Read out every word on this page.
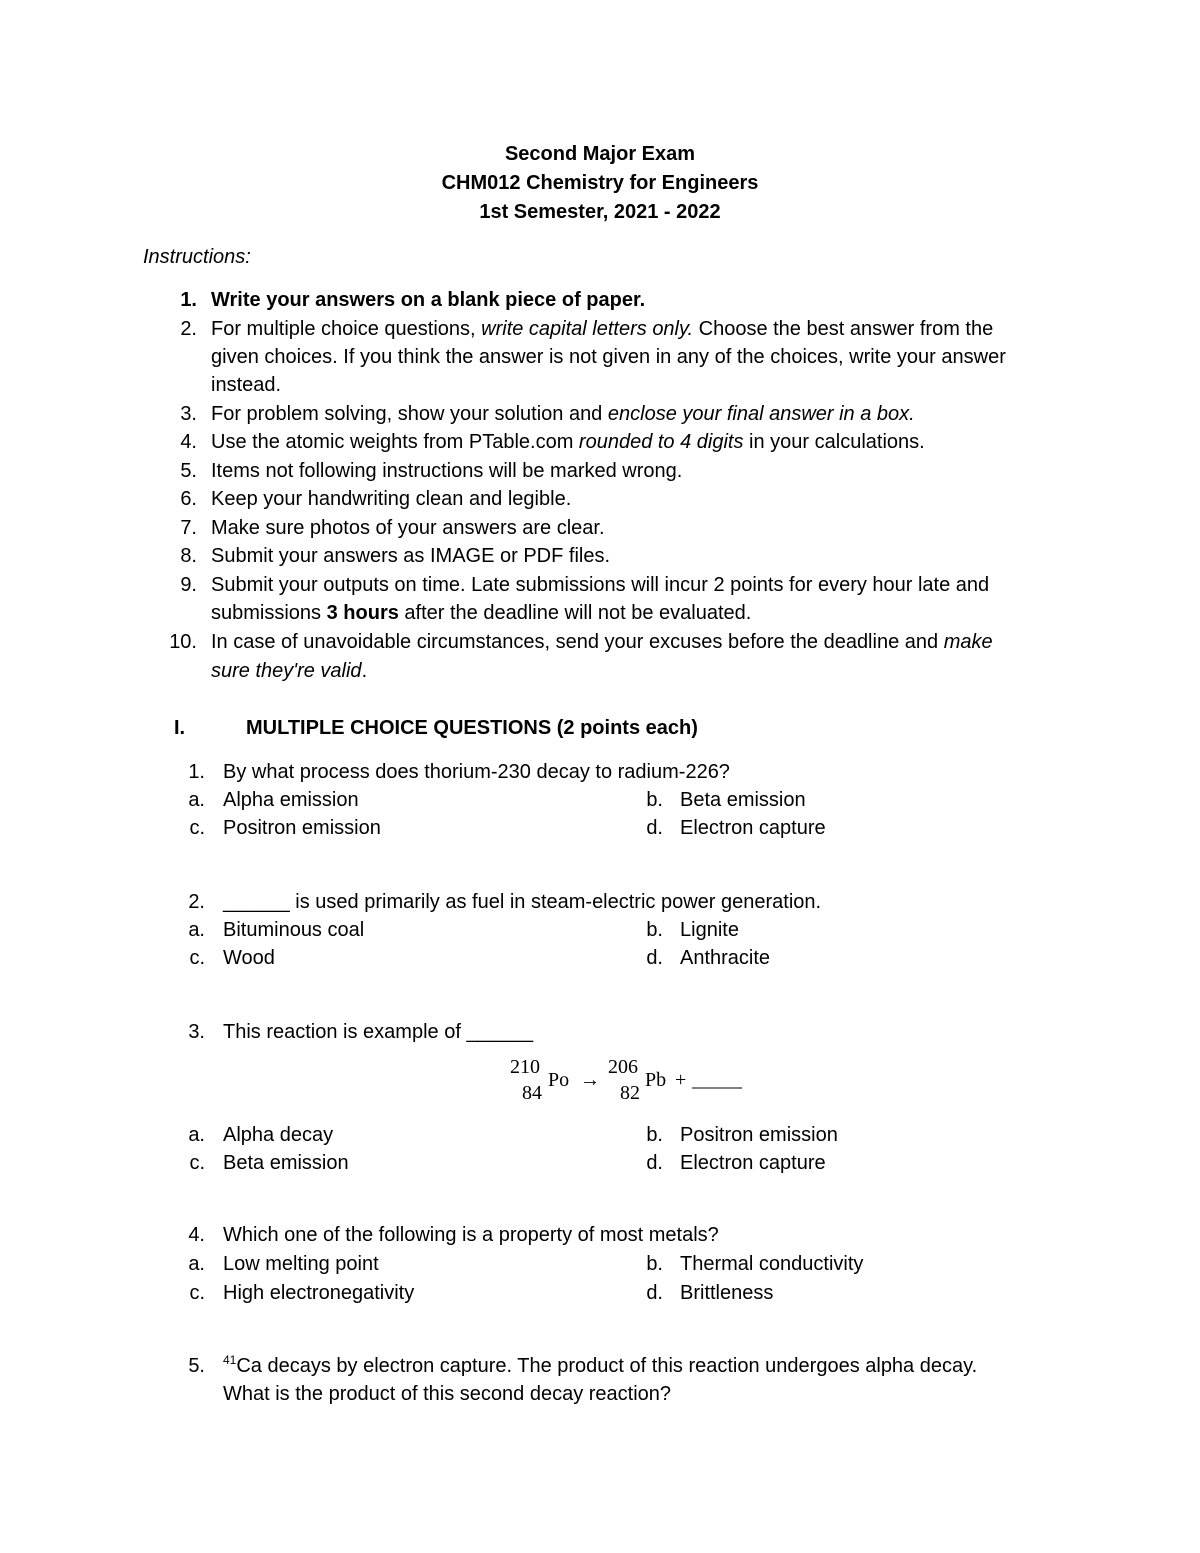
Second Major Exam
CHM012 Chemistry for Engineers
1st Semester, 2021 - 2022
Instructions:
1. Write your answers on a blank piece of paper.
2. For multiple choice questions, write capital letters only. Choose the best answer from the
given choices. If you think the answer is not given in any of the choices, write your answer
instead.
3. For problem solving, show your solution and enclose your final answer in a box.
4. Use the atomic weights from PTable.com rounded to 4 digits in your calculations.
5. Items not following instructions will be marked wrong.
6. Keep your handwriting clean and legible.
7. Make sure photos of your answers are clear.
8. Submit your answers as IMAGE or PDF files.
9. Submit your outputs on time. Late submissions will incur 2 points for every hour late and
submissions 3 hours after the deadline will not be evaluated.
10. In case of unavoidable circumstances, send your excuses before the deadline and make
sure they're valid.
I.	MULTIPLE CHOICE QUESTIONS (2 points each)
1. By what process does thorium-230 decay to radium-226?
a. Alpha emission	b. Beta emission
c. Positron emission	d. Electron capture
2. ______ is used primarily as fuel in steam-electric power generation.
a. Bituminous coal	b. Lignite
c. Wood	d. Anthracite
3. This reaction is example of ______
210
84
Po →
206
82
Pb + _____
a. Alpha decay	b. Positron emission
c. Beta emission	d. Electron capture
4. Which one of the following is a property of most metals?
a. Low melting point	b. Thermal conductivity
c. High electronegativity	d. Brittleness
5. $^{41}$Ca decays by electron capture. The product of this reaction undergoes alpha decay.
What is the product of this second decay reaction?
